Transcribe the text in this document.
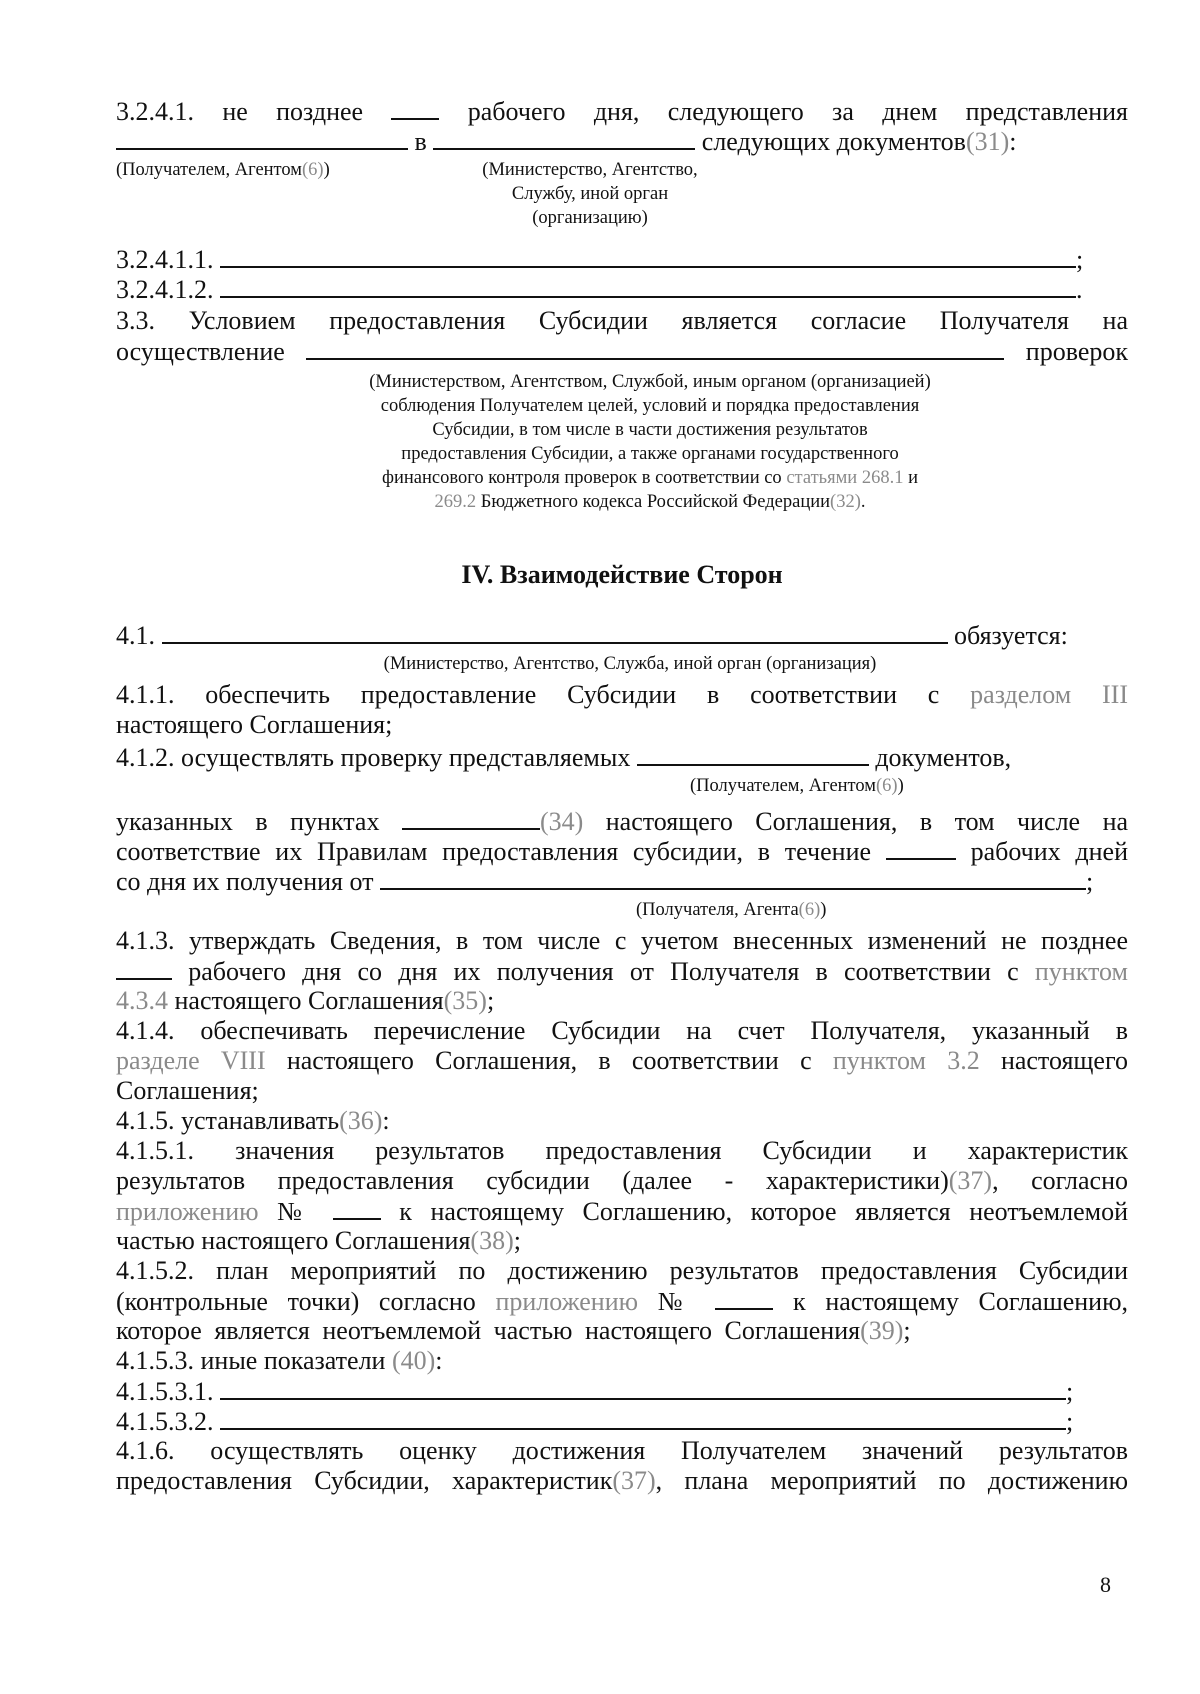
3.2.4.1. не позднее	рабочего дня, следующего за днем представления
в	следующих документов(31):
(Получателем, Агентом(6))	(Министерство, Агентство,
Службу, иной орган
(организацию)
3.2.4.1.1.	;
3.2.4.1.2.	.
3.3. Условием предоставления Субсидии является согласие Получателя на
осуществление	проверок
(Министерством, Агентством, Службой, иным органом (организацией)
соблюдения Получателем целей, условий и порядка предоставления
Субсидии, в том числе в части достижения результатов
предоставления Субсидии, а также органами государственного
финансового контроля проверок в соответствии со статьями 268.1 и
269.2 Бюджетного кодекса Российской Федерации(32).
IV. Взаимодействие Сторон
4.1.	обязуется:
(Министерство, Агентство, Служба, иной орган (организация)
4.1.1. обеспечить предоставление Субсидии в соответствии с разделом III
настоящего Соглашения;
4.1.2. осуществлять проверку представляемых	документов,
(Получателем, Агентом(6))
указанных в пунктах	(34) настоящего Соглашения, в том числе на
соответствие их Правилам предоставления субсидии, в течение	рабочих дней
со дня их получения от	;
(Получателя, Агента(6))
4.1.3. утверждать Сведения, в том числе с учетом внесенных изменений не позднее
рабочего дня со дня их получения от Получателя в соответствии с пунктом
4.3.4 настоящего Соглашения(35);
4.1.4. обеспечивать перечисление Субсидии на счет Получателя, указанный в
разделе VIII настоящего Соглашения, в соответствии с пунктом 3.2 настоящего
Соглашения;
4.1.5. устанавливать(36):
4.1.5.1. значения результатов предоставления Субсидии и характеристик
результатов предоставления субсидии (далее - характеристики)(37), согласно
приложению №	к настоящему Соглашению, которое является неотъемлемой
частью настоящего Соглашения(38);
4.1.5.2. план мероприятий по достижению результатов предоставления Субсидии
(контрольные точки) согласно приложению №	к настоящему Соглашению,
которое является неотъемлемой частью настоящего Соглашения(39);
4.1.5.3. иные показатели (40):
4.1.5.3.1.	;
4.1.5.3.2.	;
4.1.6. осуществлять оценку достижения Получателем значений результатов
предоставления Субсидии, характеристик(37), плана мероприятий по достижению
8
